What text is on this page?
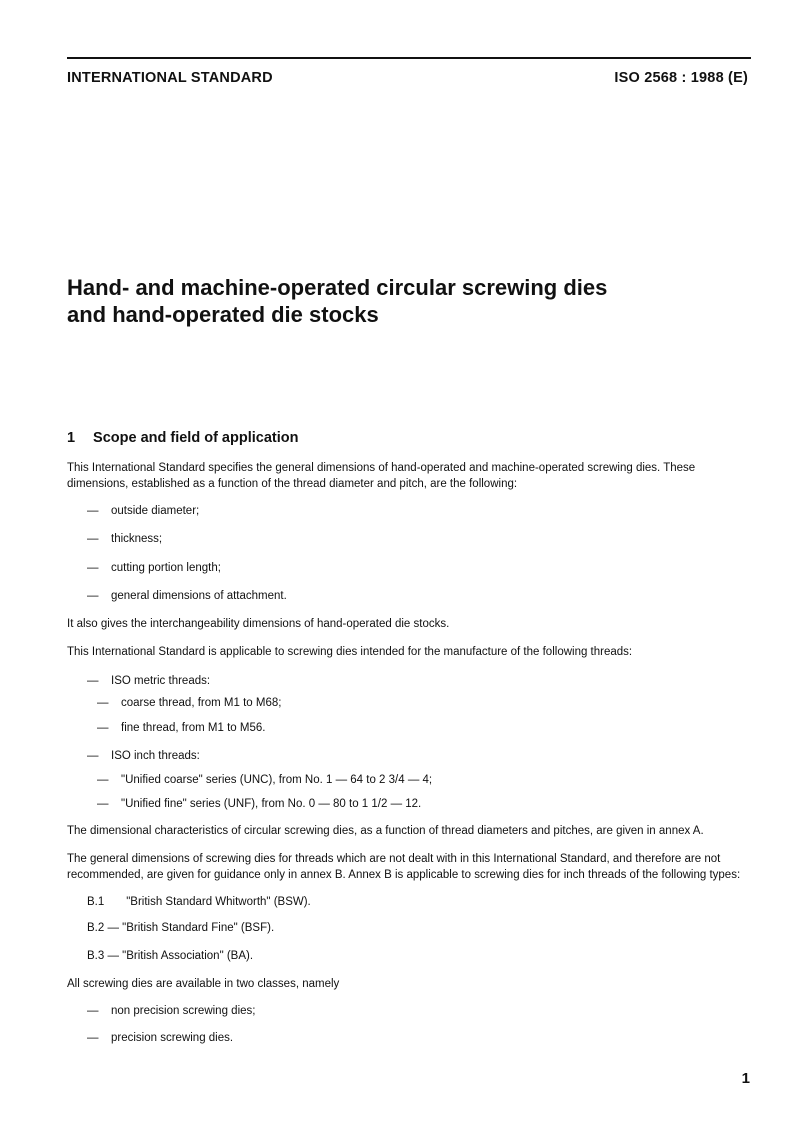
INTERNATIONAL STANDARD	ISO 2568 : 1988 (E)
Hand- and machine-operated circular screwing dies
and hand-operated die stocks
1 Scope and field of application
This International Standard specifies the general dimensions of hand-operated and machine-operated screwing dies. These dimensions, established as a function of the thread diameter and pitch, are the following:
— outside diameter;
— thickness;
— cutting portion length;
— general dimensions of attachment.
It also gives the interchangeability dimensions of hand-operated die stocks.
This International Standard is applicable to screwing dies intended for the manufacture of the following threads:
— ISO metric threads:
— coarse thread, from M1 to M68;
— fine thread, from M1 to M56.
— ISO inch threads:
— "Unified coarse" series (UNC), from No. 1 — 64 to 2 3/4 — 4;
— "Unified fine" series (UNF), from No. 0 — 80 to 1 1/2 — 12.
The dimensional characteristics of circular screwing dies, as a function of thread diameters and pitches, are given in annex A.
The general dimensions of screwing dies for threads which are not dealt with in this International Standard, and therefore are not recommended, are given for guidance only in annex B. Annex B is applicable to screwing dies for inch threads of the following types:
B.1 "British Standard Whitworth" (BSW).
B.2 — "British Standard Fine" (BSF).
B.3 — "British Association" (BA).
All screwing dies are available in two classes, namely
— non precision screwing dies;
— precision screwing dies.
1
